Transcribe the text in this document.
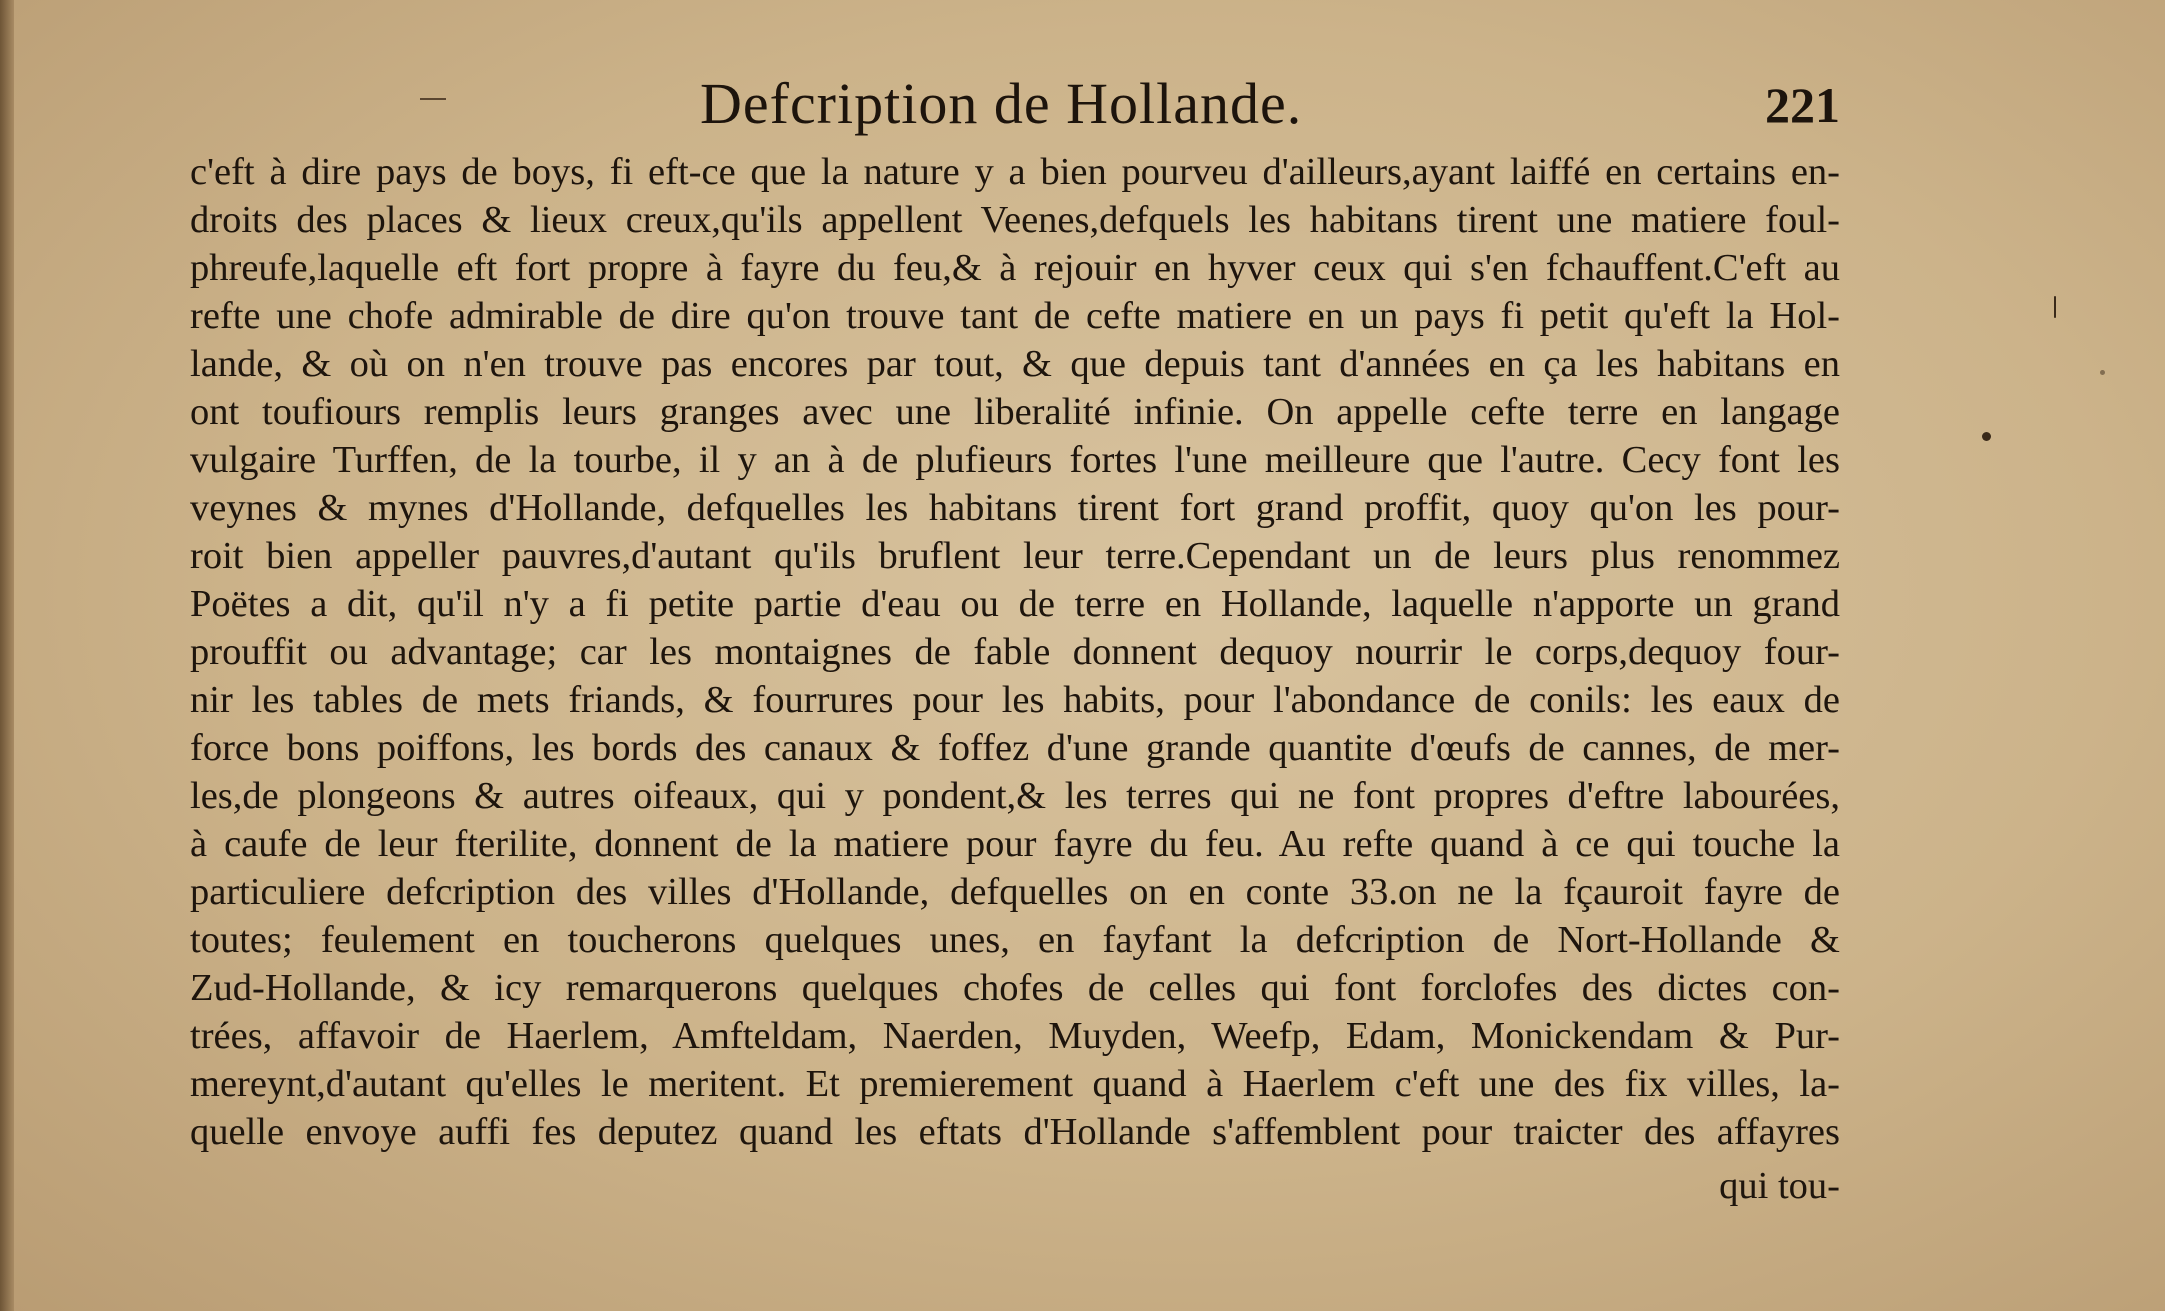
Defcription de Hollande.	221
c'eft à dire pays de boys, fi eft-ce que la nature y a bien pourveu d'ailleurs,ayant laiffé en certains en-
droits des places & lieux creux,qu'ils appellent Veenes,defquels les habitans tirent une matiere foul-
phreufe,laquelle eft fort propre à fayre du feu,& à rejouir en hyver ceux qui s'en fchauffent.C'eft au
refte une chofe admirable de dire qu'on trouve tant de cefte matiere en un pays fi petit qu'eft la Hol-
lande, & où on n'en trouve pas encores par tout, & que depuis tant d'années en ça les habitans en
ont toufiours remplis leurs granges avec une liberalité infinie. On appelle cefte terre en langage
vulgaire Turffen, de la tourbe, il y an à de plufieurs fortes l'une meilleure que l'autre. Cecy font les
veynes & mynes d'Hollande, defquelles les habitans tirent fort grand proffit, quoy qu'on les pour-
roit bien appeller pauvres,d'autant qu'ils bruflent leur terre.Cependant un de leurs plus renommez
Poëtes a dit, qu'il n'y a fi petite partie d'eau ou de terre en Hollande, laquelle n'apporte un grand
prouffit ou advantage; car les montaignes de fable donnent dequoy nourrir le corps,dequoy four-
nir les tables de mets friands, & fourrures pour les habits, pour l'abondance de conils: les eaux de
force bons poiffons, les bords des canaux & foffez d'une grande quantite d'œufs de cannes, de mer-
les,de plongeons & autres oifeaux, qui y pondent,& les terres qui ne font propres d'eftre labourées,
à caufe de leur fterilite, donnent de la matiere pour fayre du feu. Au refte quand à ce qui touche la
particuliere defcription des villes d'Hollande, defquelles on en conte 33.on ne la fçauroit fayre de
toutes; feulement en toucherons quelques unes, en fayfant la defcription de Nort-Hollande &
Zud-Hollande, & icy remarquerons quelques chofes de celles qui font forclofes des dictes con-
trées, affavoir de Haerlem, Amfteldam, Naerden, Muyden, Weefp, Edam, Monickendam & Pur-
mereynt,d'autant qu'elles le meritent. Et premierement quand à Haerlem c'eft une des fix villes, la-
quelle envoye auffi fes deputez quand les eftats d'Hollande s'affemblent pour traicter des affayres
qui tou-
